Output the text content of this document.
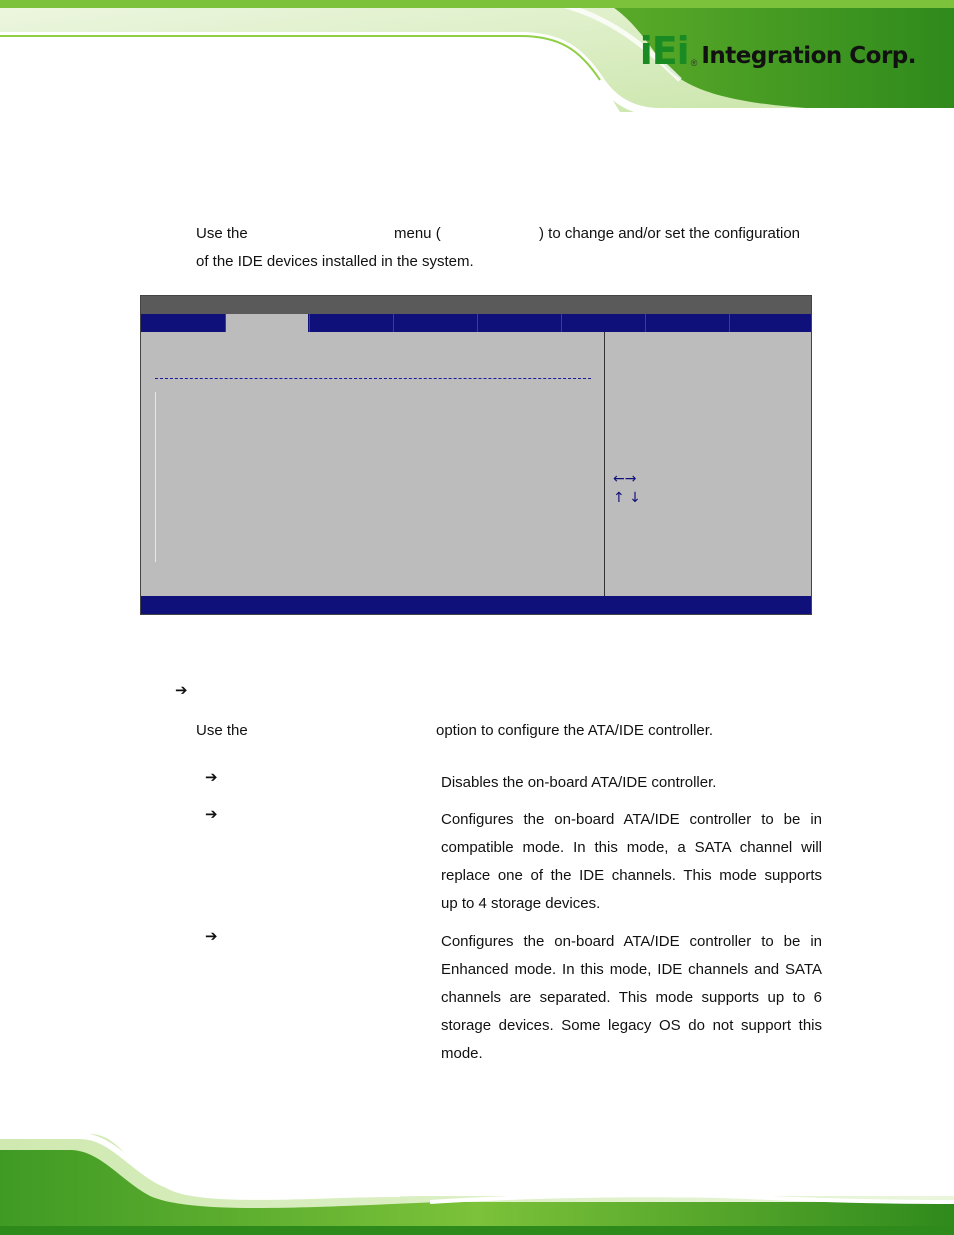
iEi ® Integration Corp.
Use the	menu (	) to change and/or set the configuration
of the IDE devices installed in the system.
←→
↑ ↓
➔
Use the	option to configure the ATA/IDE controller.
➔	Disables the on-board ATA/IDE controller.
➔	Configures the on-board ATA/IDE controller to be in
compatible mode. In this mode, a SATA channel will
replace one of the IDE channels. This mode supports
up to 4 storage devices.
➔	Configures the on-board ATA/IDE controller to be in
Enhanced mode. In this mode, IDE channels and SATA
channels are separated. This mode supports up to 6
storage devices. Some legacy OS do not support this
mode.
